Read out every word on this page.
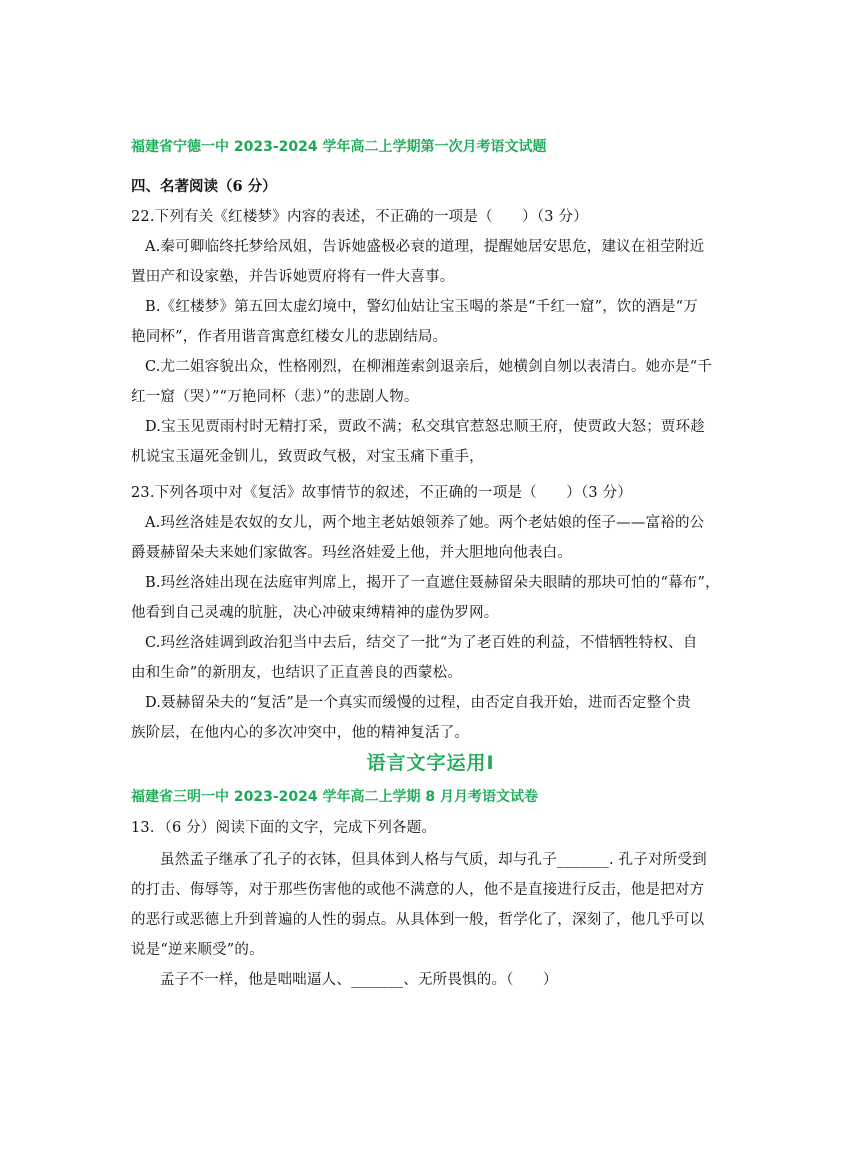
福建省宁德一中 2023-2024 学年高二上学期第一次月考语文试题
四、名著阅读（6 分）
22.下列有关《红楼梦》内容的表述，不正确的一项是（　　）（3 分）
A.秦可卿临终托梦给凤姐，告诉她盛极必衰的道理，提醒她居安思危，建议在祖茔附近
置田产和设家塾，并告诉她贾府将有一件大喜事。
B.《红楼梦》第五回太虚幻境中，警幻仙姑让宝玉喝的茶是“千红一窟”，饮的酒是“万
艳同杯”，作者用谐音寓意红楼女儿的悲剧结局。
C.尤二姐容貌出众，性格刚烈，在柳湘莲索剑退亲后，她横剑自刎以表清白。她亦是“千
红一窟（哭）”“万艳同杯（悲）”的悲剧人物。
D.宝玉见贾雨村时无精打采，贾政不满；私交琪官惹怒忠顺王府，使贾政大怒；贾环趁
机说宝玉逼死金钏儿，致贾政气极，对宝玉痛下重手，
23.下列各项中对《复活》故事情节的叙述，不正确的一项是（　　）（3 分）
A.玛丝洛娃是农奴的女儿，两个地主老姑娘领养了她。两个老姑娘的侄子——富裕的公
爵聂赫留朵夫来她们家做客。玛丝洛娃爱上他，并大胆地向他表白。
B.玛丝洛娃出现在法庭审判席上，揭开了一直遮住聂赫留朵夫眼睛的那块可怕的“幕布”，
他看到自己灵魂的肮脏，决心冲破束缚精神的虚伪罗网。
C.玛丝洛娃调到政治犯当中去后，结交了一批“为了老百姓的利益，不惜牺牲特权、自
由和生命”的新朋友，也结识了正直善良的西蒙松。
D.聂赫留朵夫的“复活”是一个真实而缓慢的过程，由否定自我开始，进而否定整个贵
族阶层，在他内心的多次冲突中，他的精神复活了。
语言文字运用Ⅰ
福建省三明一中 2023-2024 学年高二上学期 8 月月考语文试卷
13．（6 分）阅读下面的文字，完成下列各题。
虽然孟子继承了孔子的衣钵，但具体到人格与气质，却与孔子_______. 孔子对所受到
的打击、侮辱等，对于那些伤害他的或他不满意的人，他不是直接进行反击，他是把对方
的恶行或恶德上升到普遍的人性的弱点。从具体到一般，哲学化了，深刻了，他几乎可以
说是“逆来顺受”的。
孟子不一样，他是咄咄逼人、_______、无所畏惧的。（　　）
